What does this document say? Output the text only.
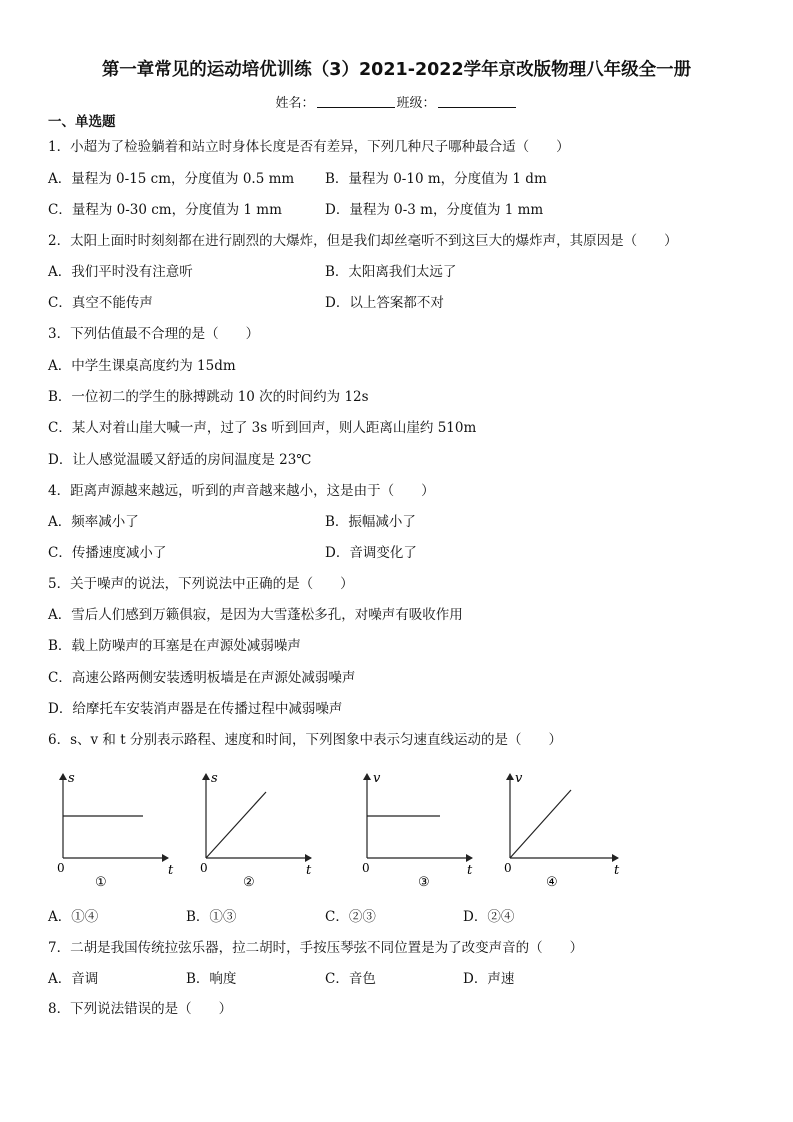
第一章常见的运动培优训练（3）2021-2022学年京改版物理八年级全一册
姓名：	班级：
一、单选题
1．小超为了检验躺着和站立时身体长度是否有差异，下列几种尺子哪种最合适（　　）
A．量程为 0-15 cm，分度值为 0.5 mm B．量程为 0-10 m，分度值为 1 dm
C．量程为 0-30 cm，分度值为 1 mm	D．量程为 0-3 m，分度值为 1 mm
2．太阳上面时时刻刻都在进行剧烈的大爆炸，但是我们却丝毫听不到这巨大的爆炸声，其原因是（　　）
A．我们平时没有注意听	B．太阳离我们太远了
C．真空不能传声	D．以上答案都不对
3．下列估值最不合理的是（　　）
A．中学生课桌高度约为 15dm
B．一位初二的学生的脉搏跳动 10 次的时间约为 12s
C．某人对着山崖大喊一声，过了 3s 听到回声，则人距离山崖约 510m
D．让人感觉温暖又舒适的房间温度是 23℃
4．距离声源越来越远，听到的声音越来越小，这是由于（　　）
A．频率减小了	B．振幅减小了
C．传播速度减小了	D．音调变化了
5．关于噪声的说法，下列说法中正确的是（　　）
A．雪后人们感到万籁俱寂，是因为大雪蓬松多孔，对噪声有吸收作用
B．载上防噪声的耳塞是在声源处减弱噪声
C．高速公路两侧安装透明板墙是在声源处减弱噪声
D．给摩托车安装消声器是在传播过程中减弱噪声
6．s、v 和 t 分别表示路程、速度和时间，下列图象中表示匀速直线运动的是（　　）
s
t
0
①
s
t
0
②
v
t
0
③
v
t
0
④
A．①④	B．①③	C．②③	D．②④
7．二胡是我国传统拉弦乐器，拉二胡时，手按压琴弦不同位置是为了改变声音的（　　）
A．音调	B．响度	C．音色	D．声速
8．下列说法错误的是（　　）
